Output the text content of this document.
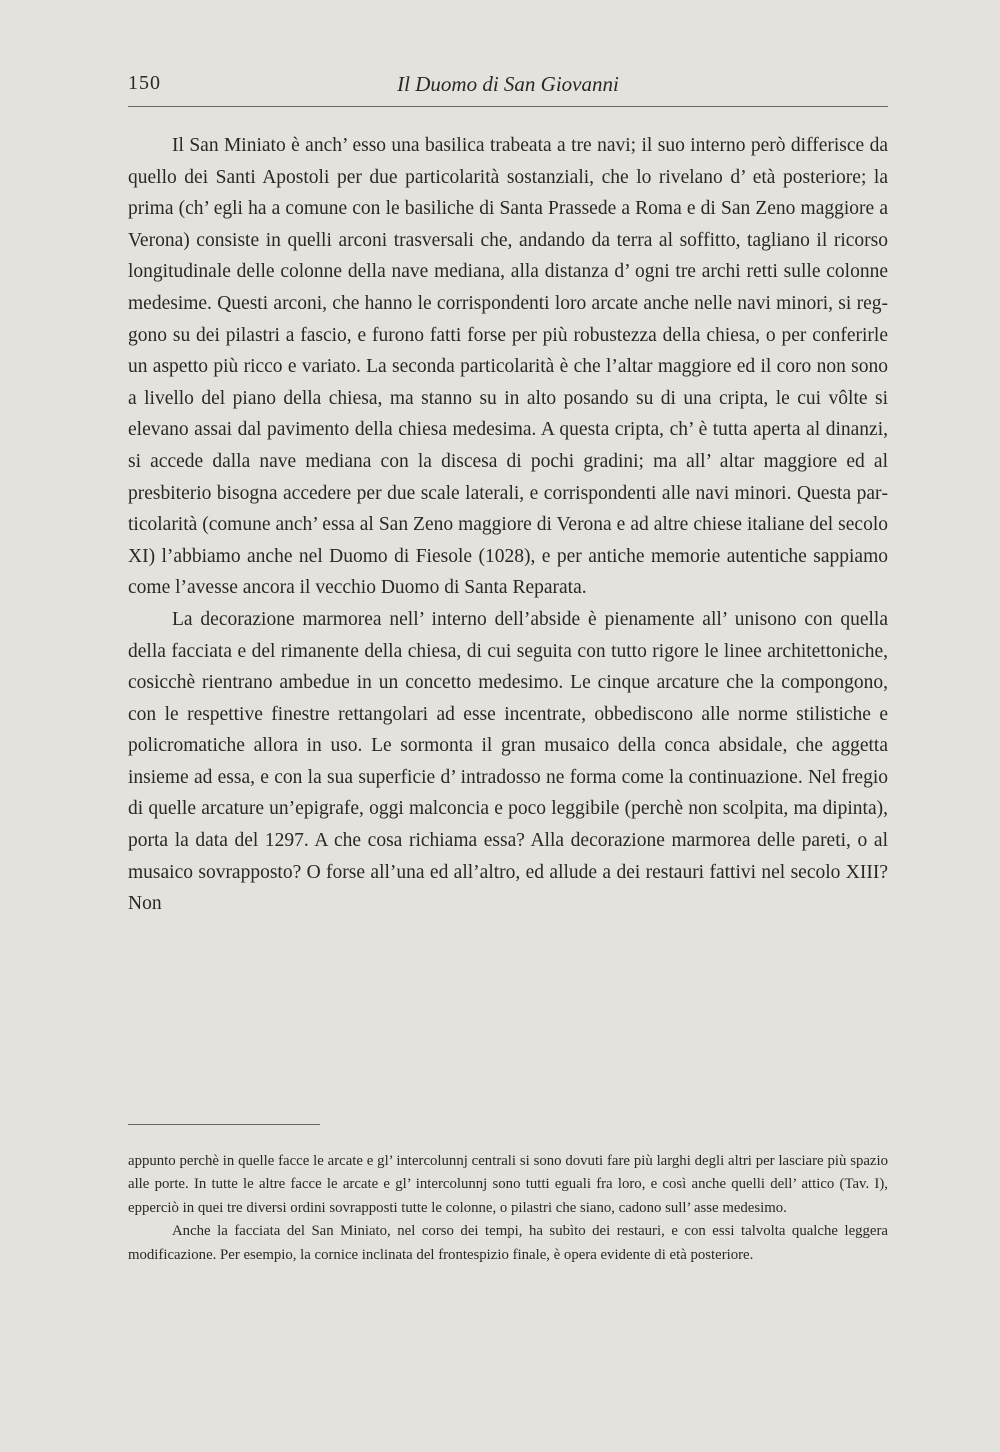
150	Il Duomo di San Giovanni

Il San Miniato è anch’ esso una basilica trabeata a tre navi; il suo interno però differisce da quello dei Santi Apostoli per due particolarità sostanziali, che lo rivelano d’ età posteriore; la prima (ch’ egli ha a comune con le basiliche di Santa Prassede a Roma e di San Zeno maggiore a Verona) consiste in quelli arconi trasversali che, andando da terra al soffitto, tagliano il ricorso longitudinale delle colonne della nave mediana, alla distanza d’ ogni tre archi retti sulle colonne medesime. Questi arconi, che hanno le corrispondenti loro arcate anche nelle navi minori, si reggono su dei pilastri a fascio, e furono fatti forse per più robustezza della chiesa, o per conferirle un aspetto più ricco e variato. La seconda particolarità è che l’altar maggiore ed il coro non sono a livello del piano della chiesa, ma stanno su in alto posando su di una cripta, le cui vôlte si elevano assai dal pavimento della chiesa medesima. A questa cripta, ch’ è tutta aperta al dinanzi, si accede dalla nave mediana con la discesa di pochi gradini; ma all’ altar maggiore ed al presbiterio bisogna accedere per due scale laterali, e corrispondenti alle navi minori. Questa particolarità (comune anch’ essa al San Zeno maggiore di Verona e ad altre chiese italiane del secolo XI) l’abbiamo anche nel Duomo di Fiesole (1028), e per antiche memorie autentiche sappiamo come l’avesse ancora il vecchio Duomo di Santa Reparata.

La decorazione marmorea nell’ interno dell’abside è pienamente all’ unisono con quella della facciata e del rimanente della chiesa, di cui seguita con tutto rigore le linee architettoniche, cosicchè rientrano ambedue in un concetto medesimo. Le cinque arcature che la compongono, con le respettive finestre rettangolari ad esse incentrate, obbediscono alle norme stilistiche e policromatiche allora in uso. Le sormonta il gran musaico della conca absidale, che aggetta insieme ad essa, e con la sua superficie d’ intradosso ne forma come la continuazione. Nel fregio di quelle arcature un’epigrafe, oggi malconcia e poco leggibile (perchè non scolpita, ma dipinta), porta la data del 1297. A che cosa richiama essa? Alla decorazione marmorea delle pareti, o al musaico sovrapposto? O forse all’una ed all’altro, ed allude a dei restauri fattivi nel secolo XIII? Non

appunto perchè in quelle facce le arcate e gl’ intercolunnj centrali si sono dovuti fare più larghi degli altri per lasciare più spazio alle porte. In tutte le altre facce le arcate e gl’ intercolunnj sono tutti eguali fra loro, e così anche quelli dell’ attico (Tav. I), epperciò in quei tre diversi ordini sovrapposti tutte le colonne, o pilastri che siano, cadono sull’ asse medesimo.

Anche la facciata del San Miniato, nel corso dei tempi, ha subìto dei restauri, e con essi talvolta qualche leggera modificazione. Per esempio, la cornice inclinata del frontespizio finale, è opera evidente di età posteriore.
